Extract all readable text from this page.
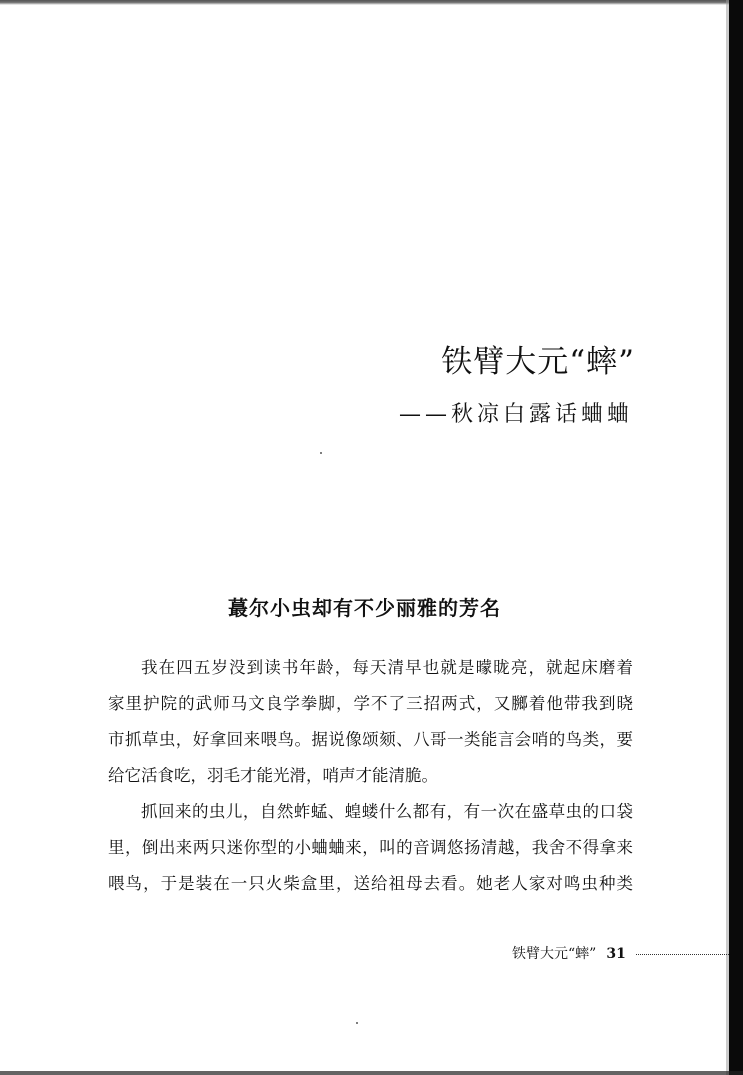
铁臂大元“蟀”
——秋凉白露话蛐蛐
蕞尔小虫却有不少丽雅的芳名
我在四五岁没到读书年龄，每天清早也就是曚昽亮，就起床磨着
家里护院的武师马文良学拳脚，学不了三招两式，又膷着他带我到晓
市抓草虫，好拿回来喂鸟。据说像颂颏、八哥一类能言会哨的鸟类，要
给它活食吃，羽毛才能光滑，哨声才能清脆。
抓回来的虫儿，自然蚱蜢、蝗蝼什么都有，有一次在盛草虫的口袋
里，倒出来两只迷你型的小蛐蛐来，叫的音调悠扬清越，我舍不得拿来
喂鸟，于是装在一只火柴盒里，送给祖母去看。她老人家对鸣虫种类
铁臂大元“蟀” 31
